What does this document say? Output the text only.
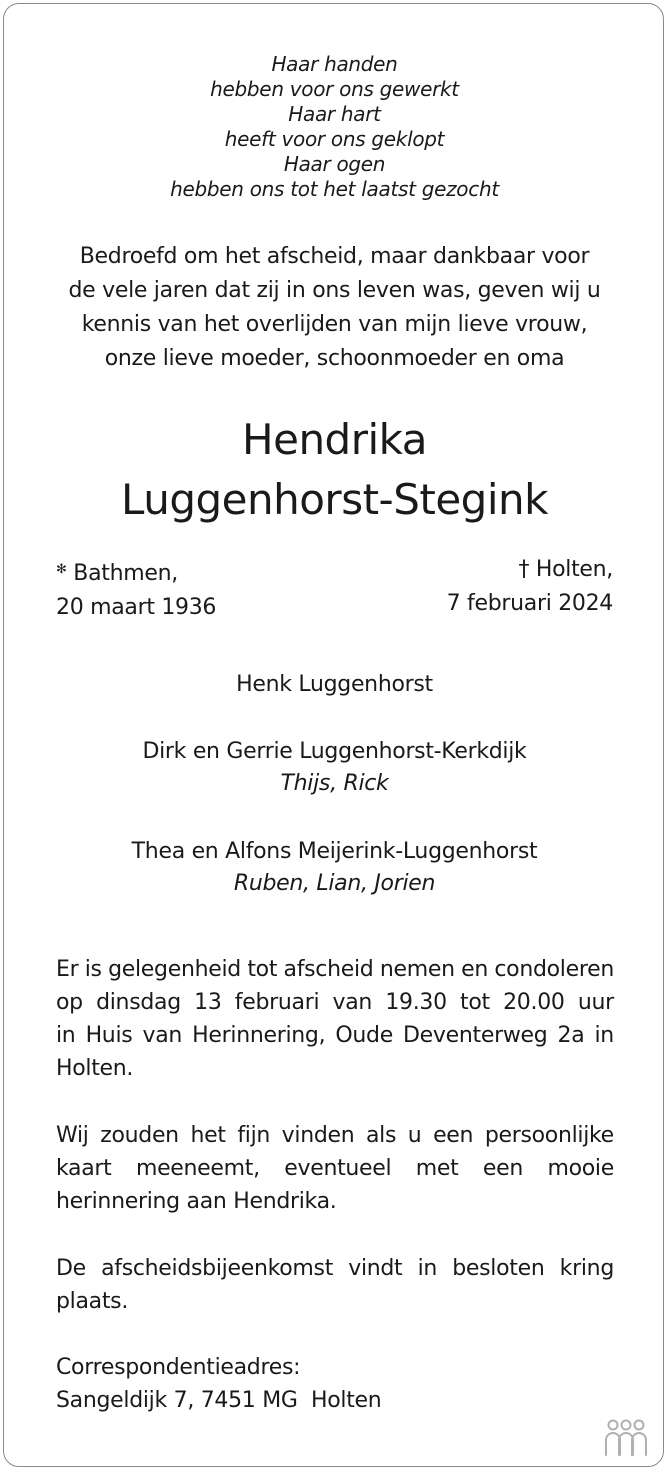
Haar handen
hebben voor ons gewerkt
Haar hart
heeft voor ons geklopt
Haar ogen
hebben ons tot het laatst gezocht
Bedroefd om het afscheid, maar dankbaar voor
de vele jaren dat zij in ons leven was, geven wij u
kennis van het overlijden van mijn lieve vrouw,
onze lieve moeder, schoonmoeder en oma
Hendrika
Luggenhorst-Stegink
✻ Bathmen,
20 maart 1936
† Holten,
7 februari 2024
Henk Luggenhorst
Dirk en Gerrie Luggenhorst-Kerkdijk
Thijs, Rick
Thea en Alfons Meijerink-Luggenhorst
Ruben, Lian, Jorien
Er is gelegenheid tot afscheid nemen en condoleren
op dinsdag 13 februari van 19.30 tot 20.00 uur
in Huis van Herinnering, Oude Deventerweg 2a in
Holten.
Wij zouden het fijn vinden als u een persoonlijke
kaart meeneemt, eventueel met een mooie
herinnering aan Hendrika.
De afscheidsbijeenkomst vindt in besloten kring
plaats.
Correspondentieadres:
Sangeldijk 7, 7451 MG  Holten
